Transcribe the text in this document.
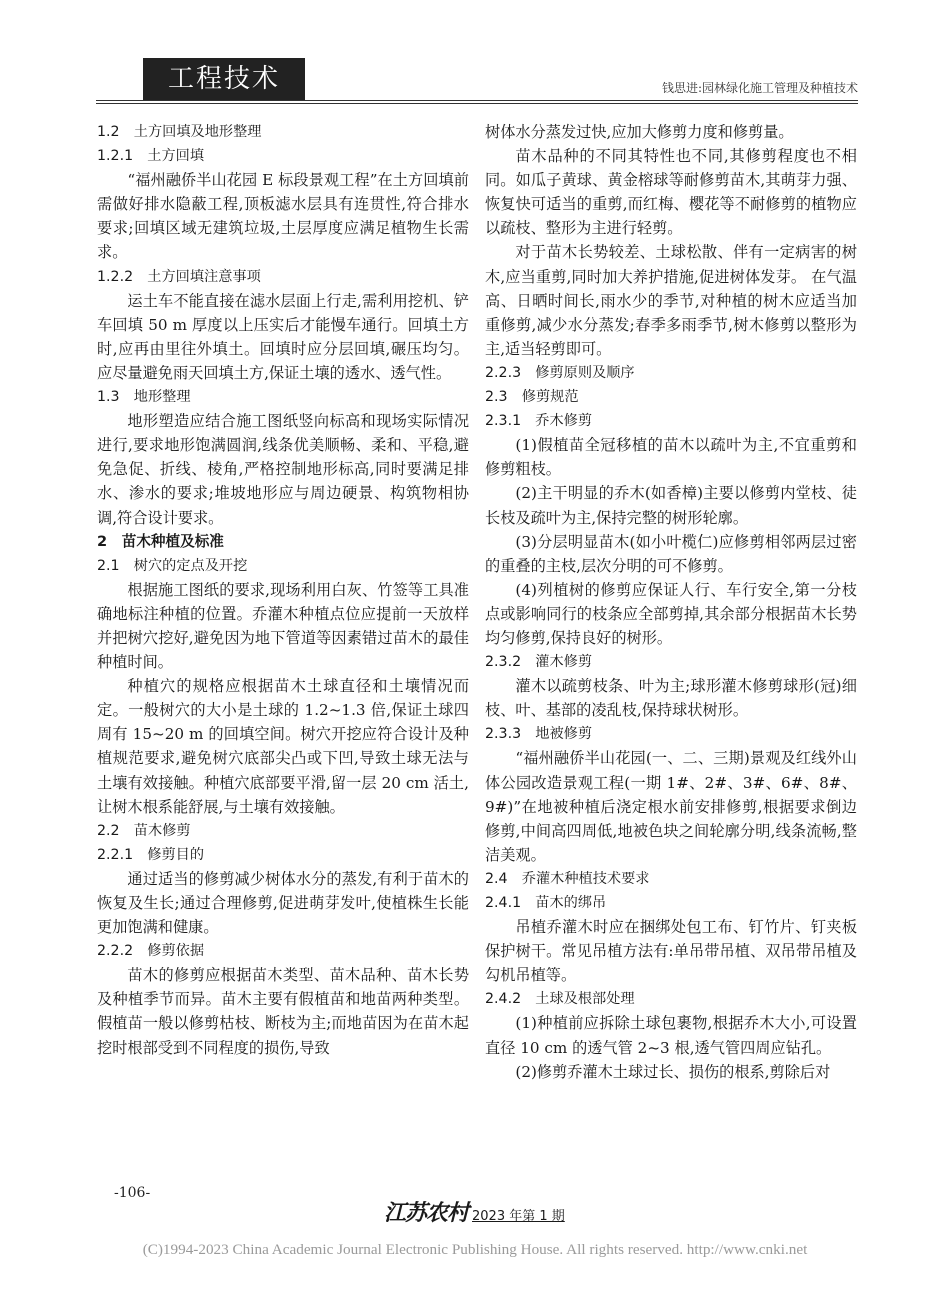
工程技术	钱思进:园林绿化施工管理及种植技术

1.2　土方回填及地形整理

1.2.1　土方回填

“福州融侨半山花园 E 标段景观工程”在土方回填前需做好排水隐蔽工程,顶板滤水层具有连贯性,符合排水要求;回填区域无建筑垃圾,土层厚度应满足植物生长需求。

1.2.2　土方回填注意事项

运土车不能直接在滤水层面上行走,需利用挖机、铲车回填 50 m 厚度以上压实后才能慢车通行。回填土方时,应再由里往外填土。回填时应分层回填,碾压均匀。应尽量避免雨天回填土方,保证土壤的透水、透气性。

1.3　地形整理

地形塑造应结合施工图纸竖向标高和现场实际情况进行,要求地形饱满圆润,线条优美顺畅、柔和、平稳,避免急促、折线、棱角,严格控制地形标高,同时要满足排水、渗水的要求;堆坡地形应与周边硬景、构筑物相协调,符合设计要求。

2　苗木种植及标准

2.1　树穴的定点及开挖

根据施工图纸的要求,现场利用白灰、竹签等工具准确地标注种植的位置。乔灌木种植点位应提前一天放样并把树穴挖好,避免因为地下管道等因素错过苗木的最佳种植时间。

种植穴的规格应根据苗木土球直径和土壤情况而定。一般树穴的大小是土球的 1.2~1.3 倍,保证土球四周有 15~20 m 的回填空间。树穴开挖应符合设计及种植规范要求,避免树穴底部尖凸或下凹,导致土球无法与土壤有效接触。种植穴底部要平滑,留一层 20 cm 活土,让树木根系能舒展,与土壤有效接触。

2.2　苗木修剪

2.2.1　修剪目的

通过适当的修剪减少树体水分的蒸发,有利于苗木的恢复及生长;通过合理修剪,促进萌芽发叶,使植株生长能更加饱满和健康。

2.2.2　修剪依据

苗木的修剪应根据苗木类型、苗木品种、苗木长势及种植季节而异。苗木主要有假植苗和地苗两种类型。假植苗一般以修剪枯枝、断枝为主;而地苗因为在苗木起挖时根部受到不同程度的损伤,导致

树体水分蒸发过快,应加大修剪力度和修剪量。

苗木品种的不同其特性也不同,其修剪程度也不相同。如瓜子黄球、黄金榕球等耐修剪苗木,其萌芽力强、恢复快可适当的重剪,而红梅、樱花等不耐修剪的植物应以疏枝、整形为主进行轻剪。

对于苗木长势较差、土球松散、伴有一定病害的树木,应当重剪,同时加大养护措施,促进树体发芽。 在气温高、日晒时间长,雨水少的季节,对种植的树木应适当加重修剪,减少水分蒸发;春季多雨季节,树木修剪以整形为主,适当轻剪即可。

2.2.3　修剪原则及顺序

2.3　修剪规范

2.3.1　乔木修剪

(1)假植苗全冠移植的苗木以疏叶为主,不宜重剪和修剪粗枝。

(2)主干明显的乔木(如香樟)主要以修剪内堂枝、徒长枝及疏叶为主,保持完整的树形轮廓。

(3)分层明显苗木(如小叶榄仁)应修剪相邻两层过密的重叠的主枝,层次分明的可不修剪。

(4)列植树的修剪应保证人行、车行安全,第一分枝点或影响同行的枝条应全部剪掉,其余部分根据苗木长势均匀修剪,保持良好的树形。

2.3.2　灌木修剪

灌木以疏剪枝条、叶为主;球形灌木修剪球形(冠)细枝、叶、基部的凌乱枝,保持球状树形。

2.3.3　地被修剪

“福州融侨半山花园(一、二、三期)景观及红线外山体公园改造景观工程(一期 1#、2#、3#、6#、8#、9#)”在地被种植后浇定根水前安排修剪,根据要求倒边修剪,中间高四周低,地被色块之间轮廓分明,线条流畅,整洁美观。

2.4　乔灌木种植技术要求

2.4.1　苗木的绑吊

吊植乔灌木时应在捆绑处包工布、钉竹片、钉夹板保护树干。常见吊植方法有:单吊带吊植、双吊带吊植及勾机吊植等。

2.4.2　土球及根部处理

(1)种植前应拆除土球包裹物,根据乔木大小,可设置直径 10 cm 的透气管 2~3 根,透气管四周应钻孔。

(2)修剪乔灌木土球过长、损伤的根系,剪除后对

-106-
江苏农村 2023 年第 1 期
(C)1994-2023 China Academic Journal Electronic Publishing House. All rights reserved. http://www.cnki.net
